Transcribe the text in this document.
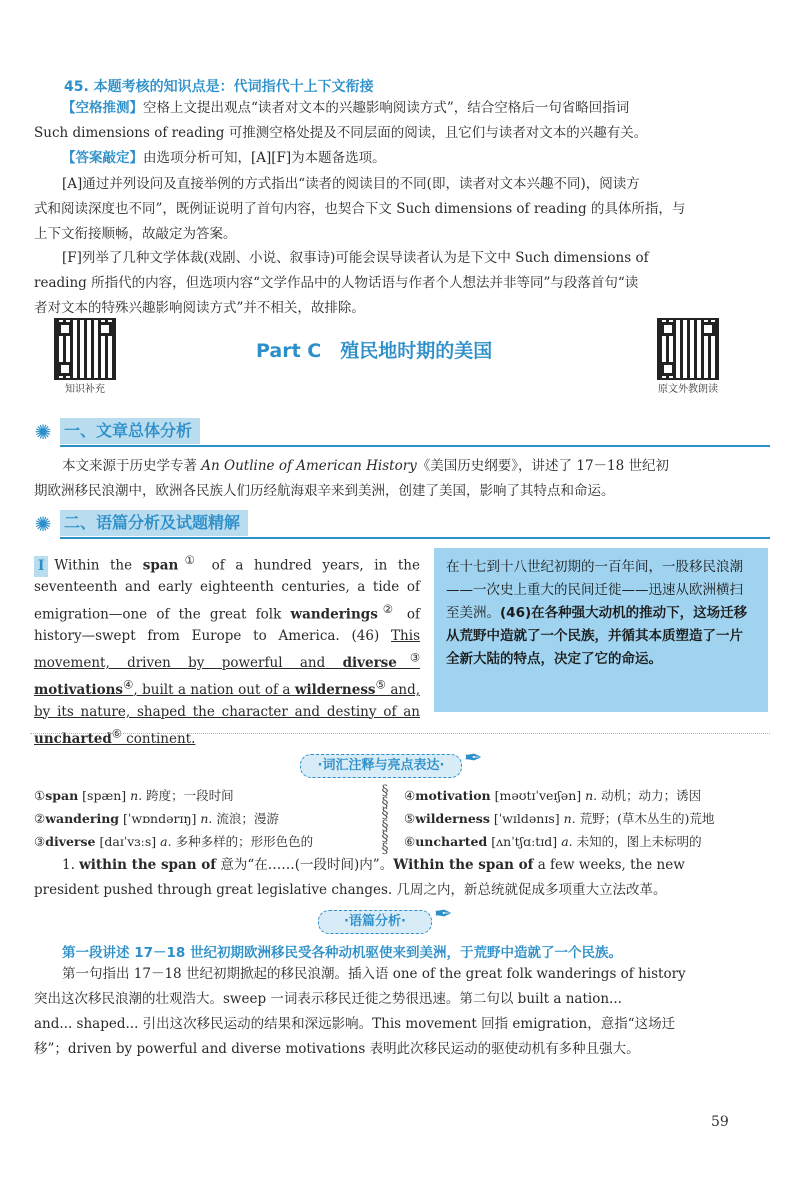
45. 本题考核的知识点是：代词指代十上下文衔接
【空格推测】空格上文提出观点“读者对文本的兴趣影响阅读方式”，结合空格后一句省略回指词
Such dimensions of reading 可推测空格处提及不同层面的阅读，且它们与读者对文本的兴趣有关。
【答案敲定】由选项分析可知，[A][F]为本题备选项。
[A]通过并列设问及直接举例的方式指出“读者的阅读目的不同(即，读者对文本兴趣不同)，阅读方
式和阅读深度也不同”，既例证说明了首句内容，也契合下文 Such dimensions of reading 的具体所指，与
上下文衔接顺畅，故敲定为答案。
[F]列举了几种文学体裁(戏剧、小说、叙事诗)可能会误导读者认为是下文中 Such dimensions of
reading 所指代的内容，但选项内容“文学作品中的人物话语与作者个人想法并非等同”与段落首句“读
者对文本的特殊兴趣影响阅读方式”并不相关，故排除。
知识补充	原文外教朗读
Part C　殖民地时期的美国
✺ 一、文章总体分析
本文来源于历史学专著 An Outline of American History《美国历史纲要》，讲述了 17－18 世纪初
期欧洲移民浪潮中，欧洲各民族人们历经航海艰辛来到美洲，创建了美国，影响了其特点和命运。
✺ 二、语篇分析及试题精解
I Within the span① of a hundred years, in the seventeenth and early eighteenth centuries, a tide of emigration—one of the great folk wanderings② of history—swept from Europe to America. (46) This movement, driven by powerful and diverse③ motivations④, built a nation out of a wilderness⑤ and, by its nature, shaped the character and destiny of an uncharted⑥ continent.
在十七到十八世纪初期的一百年间，一股移民浪潮——一次史上重大的民间迁徙——迅速从欧洲横扫至美洲。(46)在各种强大动机的推动下，这场迁移从荒野中造就了一个民族，并循其本质塑造了一片全新大陆的特点，决定了它的命运。
·词汇注释与亮点表达· ✒
①span [spæn] n. 跨度；一段时间
②wandering [ˈwɒndərɪŋ] n. 流浪；漫游
③diverse [daɪˈvɜːs] a. 多种多样的；形形色色的
§
§
§
§
§
§
④motivation [məʊtɪˈveɪʃən] n. 动机；动力；诱因
⑤wilderness [ˈwɪldənɪs] n. 荒野；(草木丛生的)荒地
⑥uncharted [ʌnˈtʃɑːtɪd] a. 未知的，图上未标明的
1. within the span of 意为“在……(一段时间)内”。Within the span of a few weeks, the new
president pushed through great legislative changes. 几周之内，新总统就促成多项重大立法改革。
·语篇分析·	✒
第一段讲述 17－18 世纪初期欧洲移民受各种动机驱使来到美洲，于荒野中造就了一个民族。
第一句指出 17－18 世纪初期掀起的移民浪潮。插入语 one of the great folk wanderings of history
突出这次移民浪潮的壮观浩大。sweep 一词表示移民迁徙之势很迅速。第二句以 built a nation...
and... shaped... 引出这次移民运动的结果和深远影响。This movement 回指 emigration，意指“这场迁
移”；driven by powerful and diverse motivations 表明此次移民运动的驱使动机有多种且强大。
59
